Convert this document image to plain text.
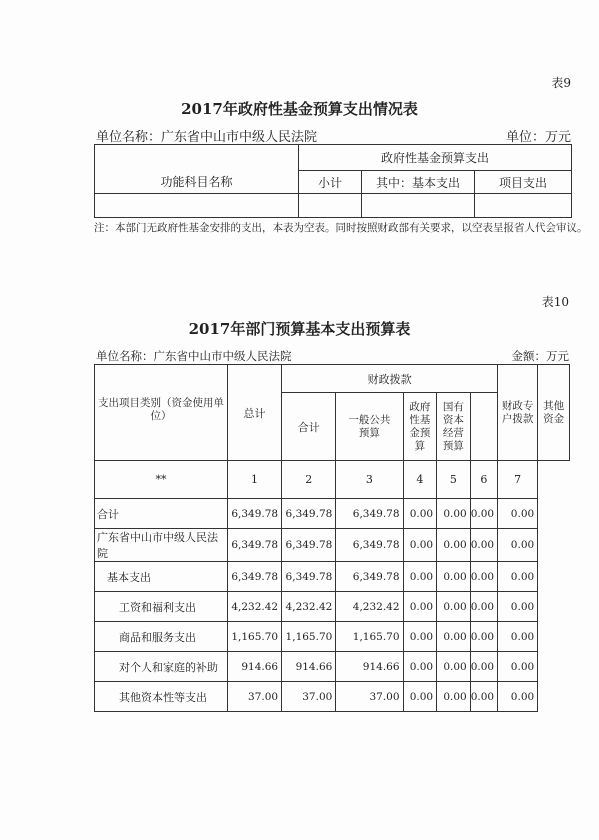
表9
2017年政府性基金预算支出情况表
单位名称：广东省中山市中级人民法院	单位：万元
功能科目名称	政府性基金预算支出		
	小计	其中：基本支出	项目支出

注：本部门无政府性基金安排的支出，本表为空表。同时按照财政部有关要求，以空表呈报省人代会审议。
表10
2017年部门预算基本支出预算表
单位名称：广东省中山市中级人民法院	金额：万元
支出项目类别（资金使用单位）	总计	财政拨款					财政专户拨款	其他资金
		合计	一般公共预算	政府性基金预算	国有资本经营预算			
**	1	2	3	4	5	6	7	
合计	6,349.78	6,349.78	6,349.78	0.00	0.00	0.00	0.00	
广东省中山市中级人民法院	6,349.78	6,349.78	6,349.78	0.00	0.00	0.00	0.00	
基本支出	6,349.78	6,349.78	6,349.78	0.00	0.00	0.00	0.00	
工资和福利支出	4,232.42	4,232.42	4,232.42	0.00	0.00	0.00	0.00	
商品和服务支出	1,165.70	1,165.70	1,165.70	0.00	0.00	0.00	0.00	
对个人和家庭的补助	914.66	914.66	914.66	0.00	0.00	0.00	0.00	
其他资本性等支出	37.00	37.00	37.00	0.00	0.00	0.00	0.00	
